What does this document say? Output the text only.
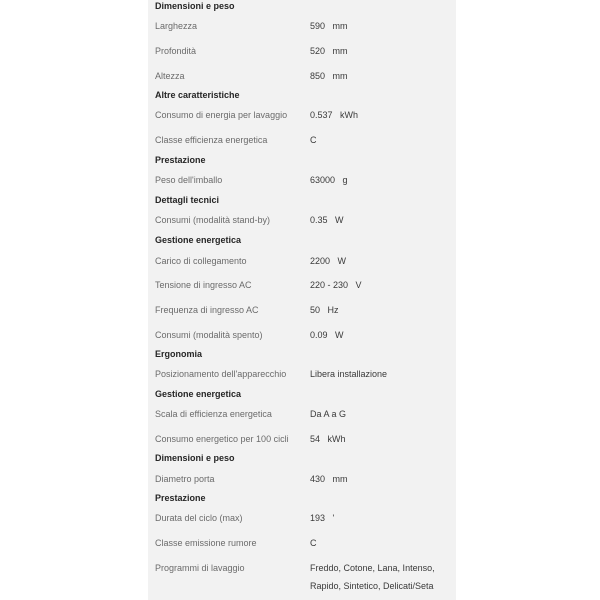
Dimensioni e peso
Larghezza	590   mm
Profondità	520   mm
Altezza	850   mm
Altre caratteristiche
Consumo di energia per lavaggio	0.537   kWh
Classe efficienza energetica	C
Prestazione
Peso dell'imballo	63000   g
Dettagli tecnici
Consumi (modalità stand-by)	0.35   W
Gestione energetica
Carico di collegamento	2200   W
Tensione di ingresso AC	220 - 230   V
Frequenza di ingresso AC	50   Hz
Consumi (modalità spento)	0.09   W
Ergonomia
Posizionamento dell'apparecchio	Libera installazione
Gestione energetica
Scala di efficienza energetica	Da A a G
Consumo energetico per 100 cicli 54   kWh
Dimensioni e peso
Diametro porta	430   mm
Prestazione
Durata del ciclo (max)	193   '
Classe emissione rumore	C
Programmi di lavaggio	Freddo, Cotone, Lana, Intenso,
Rapido, Sintetico, Delicati/Seta
